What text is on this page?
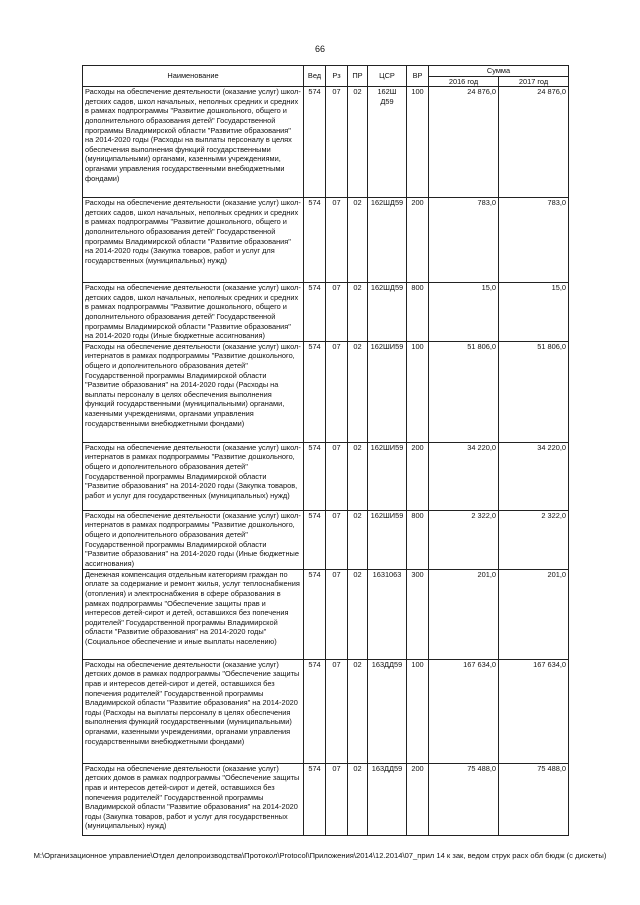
66
Наименование	Вед	Рз	ПР	ЦСР	ВР	Сумма	
						2016 год	2017 год
Расходы на обеспечение деятельности (оказание услуг) школ-детских садов, школ начальных, неполных средних и средних в рамках подпрограммы "Развитие дошкольного, общего и дополнительного образования детей" Государственной программы Владимирской области "Развитие образования" на 2014-2020 годы (Расходы на выплаты персоналу в целях обеспечения выполнения функций государственными (муниципальными) органами, казенными учреждениями, органами управления государственными внебюджетными фондами)	574	07	02	162Ш Д59	100	24 876,0	24 876,0
Расходы на обеспечение деятельности (оказание услуг) школ-детских садов, школ начальных, неполных средних и средних в рамках подпрограммы "Развитие дошкольного, общего и дополнительного образования детей" Государственной программы Владимирской области "Развитие образования" на 2014-2020 годы (Закупка товаров, работ и услуг для государственных (муниципальных) нужд)	574	07	02	162ШД59	200	783,0	783,0
Расходы на обеспечение деятельности (оказание услуг) школ-детских садов, школ начальных, неполных средних и средних в рамках подпрограммы "Развитие дошкольного, общего и дополнительного образования детей" Государственной программы Владимирской области "Развитие образования" на 2014-2020 годы (Иные бюджетные ассигнования)	574	07	02	162ШД59	800	15,0	15,0
Расходы на обеспечение деятельности (оказание услуг) школ-интернатов в рамках подпрограммы "Развитие дошкольного, общего и дополнительного образования детей" Государственной программы Владимирской области "Развитие образования" на 2014-2020 годы (Расходы на выплаты персоналу в целях обеспечения выполнения функций государственными (муниципальными) органами, казенными учреждениями, органами управления государственными внебюджетными фондами)	574	07	02	162ШИ59	100	51 806,0	51 806,0
Расходы на обеспечение деятельности (оказание услуг) школ-интернатов в рамках подпрограммы "Развитие дошкольного, общего и дополнительного образования детей" Государственной программы Владимирской области "Развитие образования" на 2014-2020 годы (Закупка товаров, работ и услуг для государственных (муниципальных) нужд)	574	07	02	162ШИ59	200	34 220,0	34 220,0
Расходы на обеспечение деятельности (оказание услуг) школ-интернатов в рамках подпрограммы "Развитие дошкольного, общего и дополнительного образования детей" Государственной программы Владимирской области "Развитие образования" на 2014-2020 годы (Иные бюджетные ассигнования)	574	07	02	162ШИ59	800	2 322,0	2 322,0
Денежная компенсация отдельным категориям граждан по оплате за содержание и ремонт жилья, услуг теплоснабжения (отопления) и электроснабжения в сфере образования в рамках подпрограммы "Обеспечение защиты прав и интересов детей-сирот и детей, оставшихся без попечения родителей" Государственной программы Владимирской области "Развитие образования" на 2014-2020 годы" (Социальное обеспечение и иные выплаты населению)	574	07	02	1631063	300	201,0	201,0
Расходы на обеспечение деятельности (оказание услуг) детских домов в рамках подпрограммы "Обеспечение защиты прав и интересов детей-сирот и детей, оставшихся без попечения родителей" Государственной программы Владимирской области "Развитие образования" на 2014-2020 годы (Расходы на выплаты персоналу в целях обеспечения выполнения функций государственными (муниципальными) органами, казенными учреждениями, органами управления государственными внебюджетными фондами)	574	07	02	163ДД59	100	167 634,0	167 634,0
Расходы на обеспечение деятельности (оказание услуг) детских домов в рамках подпрограммы "Обеспечение защиты прав и интересов детей-сирот и детей, оставшихся без попечения родителей" Государственной программы Владимирской области "Развитие образования" на 2014-2020 годы (Закупка товаров, работ и услуг для государственных (муниципальных) нужд)	574	07	02	163ДД59	200	75 488,0	75 488,0
М:\Организационное управление\Отдел делопроизводства\Протокол\Protocol\Приложения\2014\12.2014\07_прил 14 к зак, ведом струк расх обл бюдж (с дискеты)
